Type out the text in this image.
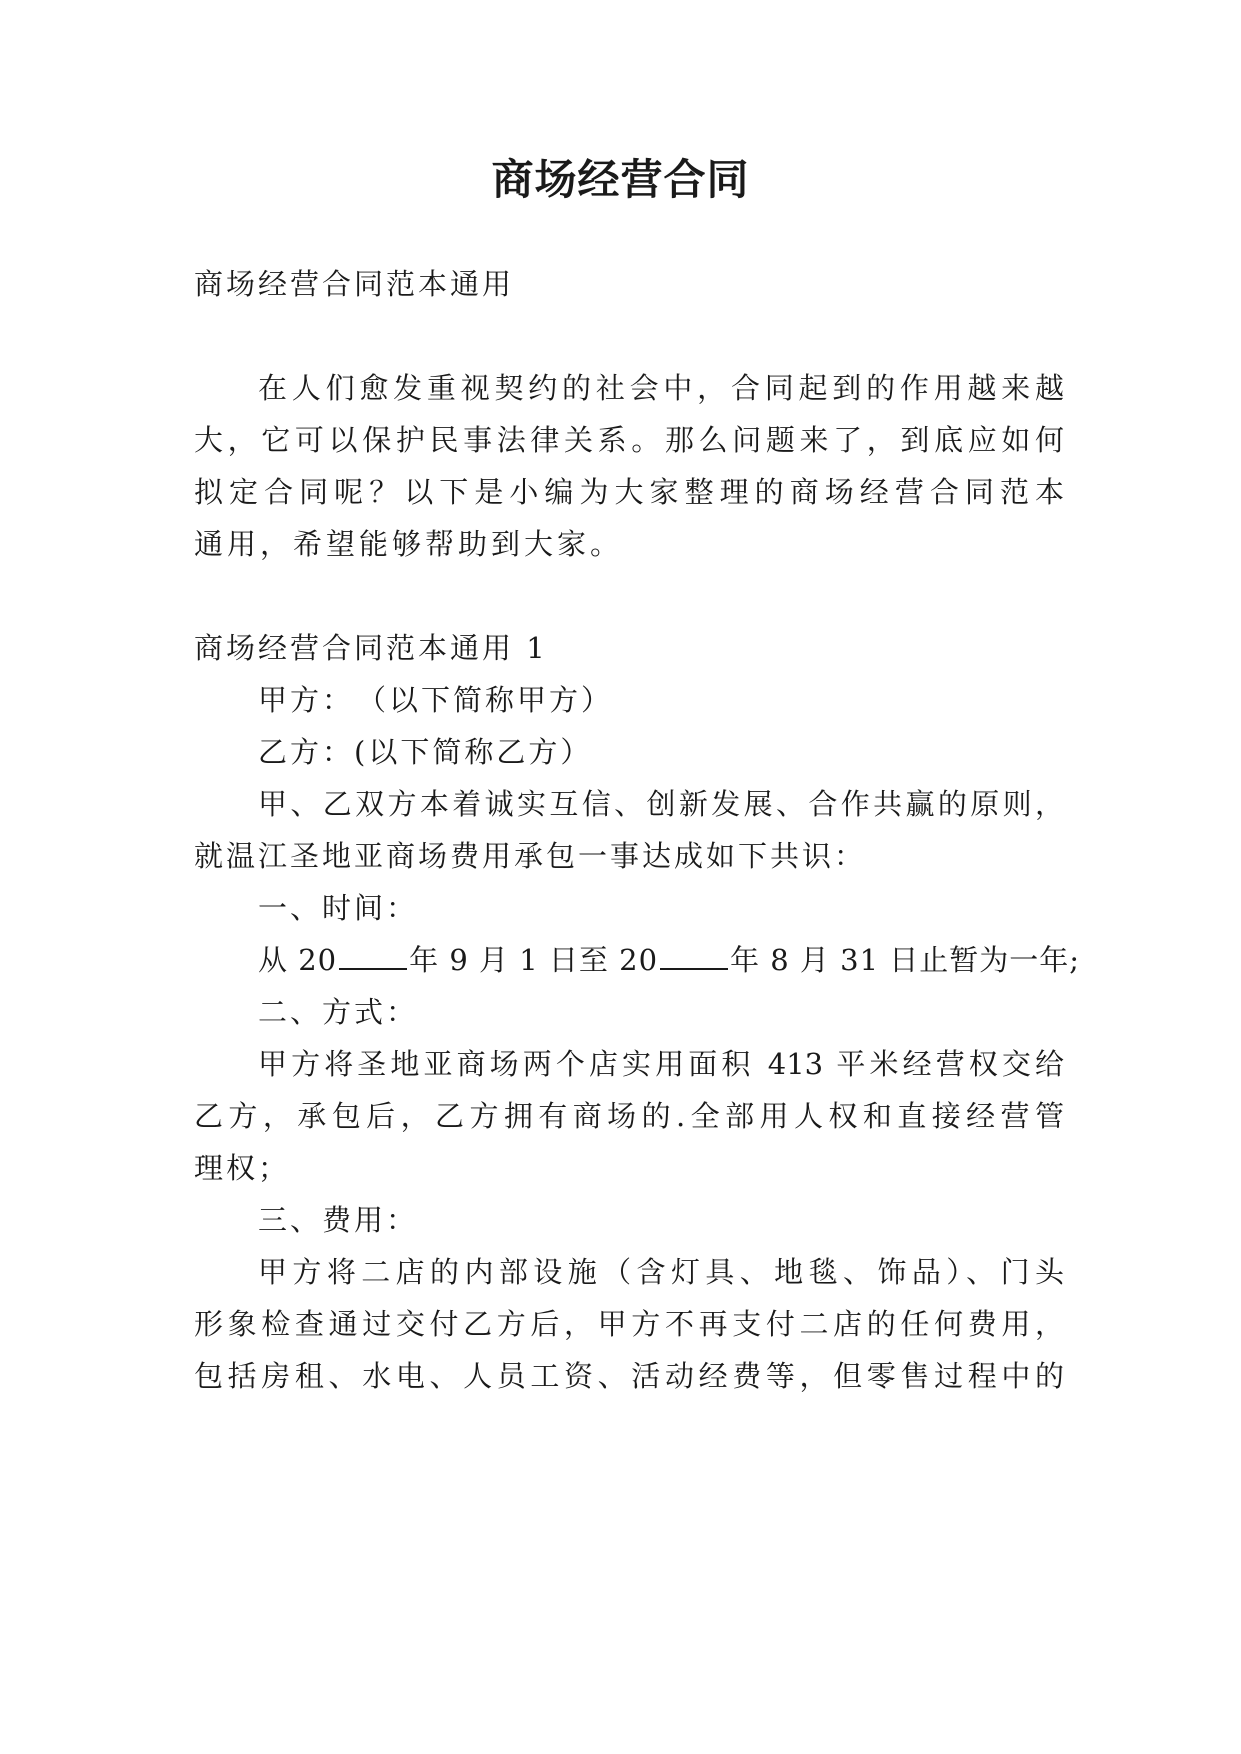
商场经营合同

商场经营合同范本通用

在人们愈发重视契约的社会中，合同起到的作用越来越

大，它可以保护民事法律关系。那么问题来了，到底应如何

拟定合同呢？以下是小编为大家整理的商场经营合同范本

通用，希望能够帮助到大家。

商场经营合同范本通用 1

甲方：　（以下简称甲方）

乙方：(以下简称乙方）

甲、乙双方本着诚实互信、创新发展、合作共赢的原则，

就温江圣地亚商场费用承包一事达成如下共识：

一、时间：

从 20 年 9 月 1 日至 20 年 8 月 31 日止暂为一年;

二、方式：

甲方将圣地亚商场两个店实用面积 413 平米经营权交给

乙方，承包后，乙方拥有商场的.全部用人权和直接经营管

理权；

三、费用：

甲方将二店的内部设施（含灯具、地毯、饰品）、门头

形象检查通过交付乙方后，甲方不再支付二店的任何费用，

包括房租、水电、人员工资、活动经费等，但零售过程中的
